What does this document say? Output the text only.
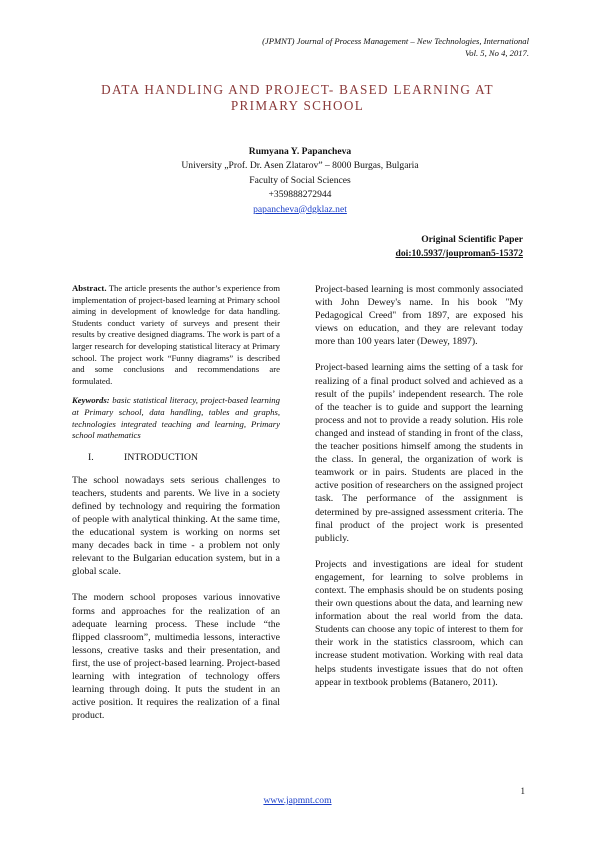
(JPMNT) Journal of Process Management – New Technologies, International
Vol. 5, No 4, 2017.
DATA HANDLING AND PROJECT- BASED LEARNING AT
PRIMARY SCHOOL
Rumyana Y. Papancheva
University „Prof. Dr. Asen Zlatarov” – 8000 Burgas, Bulgaria
Faculty of Social Sciences
+359888272944
papancheva@dgklaz.net
Original Scientific Paper
doi:10.5937/jouproman5-15372

Abstract. The article presents the author’s experience from implementation of project-based learning at Primary school aiming in development of knowledge for data handling. Students conduct variety of surveys and present their results by creative designed diagrams. The work is part of a larger research for developing statistical literacy at Primary school. The project work “Funny diagrams” is described and some conclusions and recommendations are formulated.

Keywords: basic statistical literacy, project-based learning at Primary school, data handling, tables and graphs, technologies integrated teaching and learning, Primary school mathematics

I.	INTRODUCTION

The school nowadays sets serious challenges to teachers, students and parents. We live in a society defined by technology and requiring the formation of people with analytical thinking. At the same time, the educational system is working on norms set many decades back in time - a problem not only relevant to the Bulgarian education system, but in a global scale.

The modern school proposes various innovative forms and approaches for the realization of an adequate learning process. These include “the flipped classroom”, multimedia lessons, interactive lessons, creative tasks and their presentation, and first, the use of project-based learning. Project-based learning with integration of technology offers learning through doing. It puts the student in an active position. It requires the realization of a final product.

Project-based learning is most commonly associated with John Dewey's name. In his book "My Pedagogical Creed" from 1897, are exposed his views on education, and they are relevant today more than 100 years later (Dewey, 1897).

Project-based learning aims the setting of a task for realizing of a final product solved and achieved as a result of the pupils’ independent research. The role of the teacher is to guide and support the learning process and not to provide a ready solution. His role changed and instead of standing in front of the class, the teacher positions himself among the students in the class. In general, the organization of work is teamwork or in pairs. Students are placed in the active position of researchers on the assigned project task. The performance of the assignment is determined by pre-assigned assessment criteria. The final product of the project work is presented publicly.

Projects and investigations are ideal for student engagement, for learning to solve problems in context. The emphasis should be on students posing their own questions about the data, and learning new information about the real world from the data. Students can choose any topic of interest to them for their work in the statistics classroom, which can increase student motivation. Working with real data helps students investigate issues that do not often appear in textbook problems (Batanero, 2011).

1
www.japmnt.com
